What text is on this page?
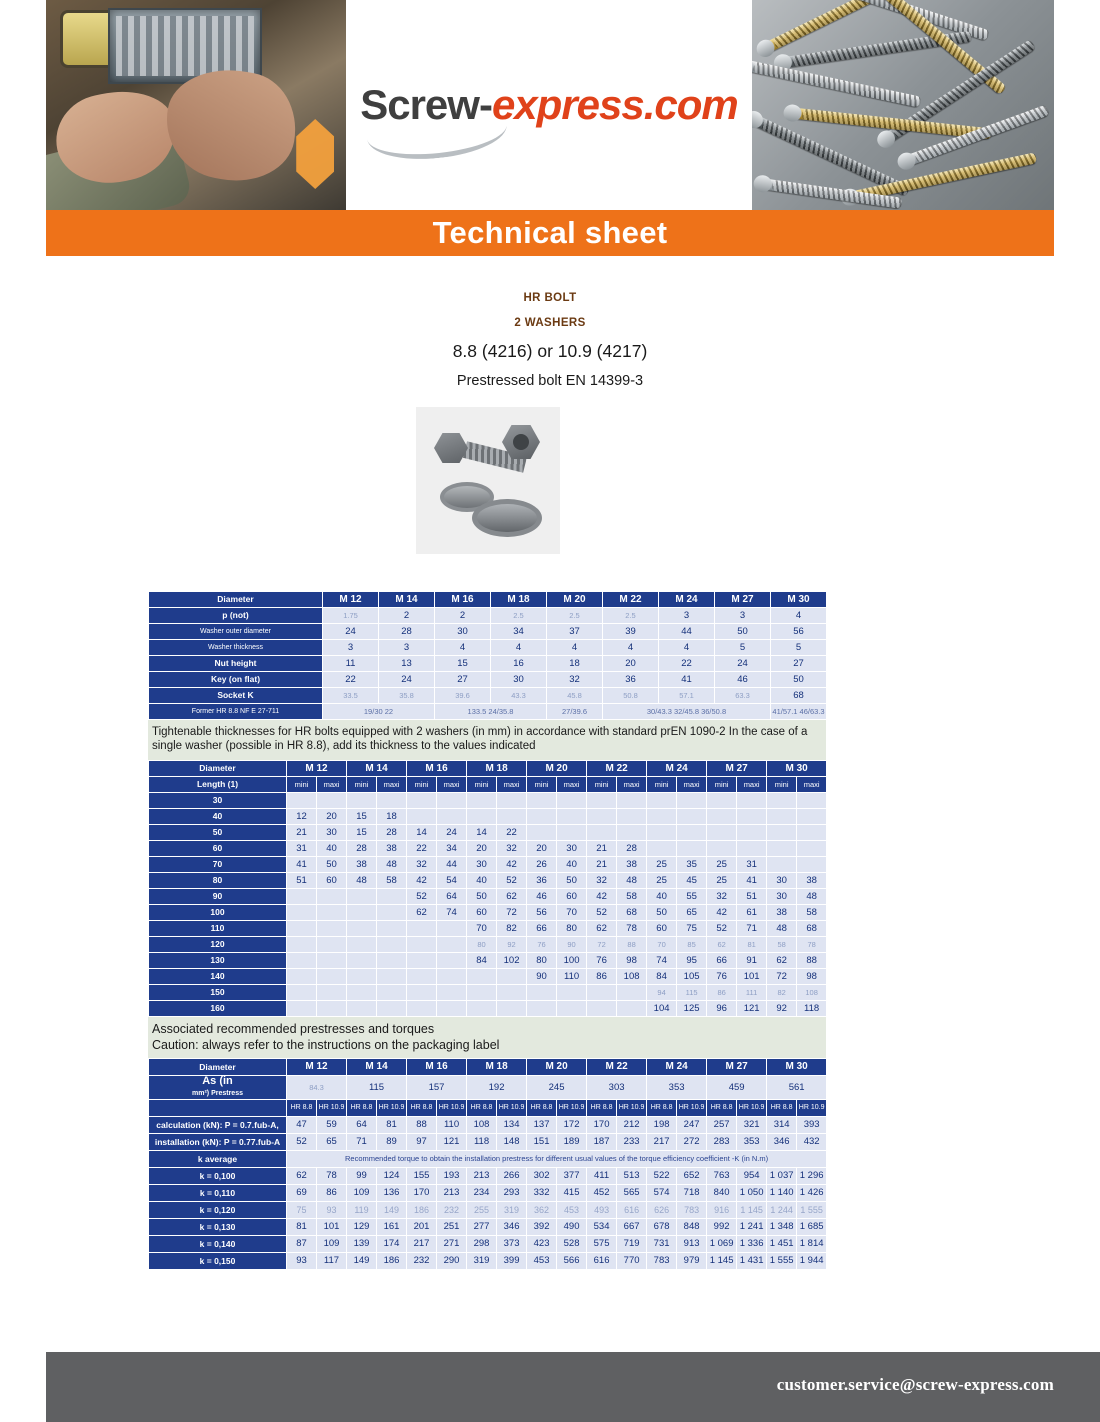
Screw-express.com
Technical sheet
HR BOLT
2 WASHERS
8.8 (4216) or 10.9 (4217)
Prestressed bolt EN 14399-3
Diameter	M 12	M 14	M 16	M 18	M 20	M 22	M 24	M 27	M 30
p (not)	1.75	2	2	2.5	2.5	2.5	3	3	4
Washer outer diameter	24	28	30	34	37	39	44	50	56
Washer thickness	3	3	4	4	4	4	4	5	5
Nut height	11	13	15	16	18	20	22	24	27
Key (on flat)	22	24	27	30	32	36	41	46	50
Socket K	33.5	35.8	39.6	43.3	45.8	50.8	57.1	63.3	68
Former HR 8.8 NF E 27-711	19/30 22		133.5 24/35.8		27/39.6	30/43.3 32/45.8 36/50.8			41/57.1 46/63.3
Tightenable thicknesses for HR bolts equipped with 2 washers (in mm) in accordance with standard prEN 1090-2 In the case of a single washer (possible in HR 8.8), add its thickness to the values indicated
Diameter	M 12		M 14		M 16		M 18		M 20		M 22		M 24		M 27		M 30	
Length (1)	mini	maxi	mini	maxi	mini	maxi	mini	maxi	mini	maxi	mini	maxi	mini	maxi	mini	maxi	mini	maxi
30																		
40	12	20	15	18														
50	21	30	15	28	14	24	14	22										
60	31	40	28	38	22	34	20	32	20	30	21	28						
70	41	50	38	48	32	44	30	42	26	40	21	38	25	35	25	31		
80	51	60	48	58	42	54	40	52	36	50	32	48	25	45	25	41	30	38
90					52	64	50	62	46	60	42	58	40	55	32	51	30	48
100					62	74	60	72	56	70	52	68	50	65	42	61	38	58
110							70	82	66	80	62	78	60	75	52	71	48	68
120							80	92	76	90	72	88	70	85	62	81	58	78
130							84	102	80	100	76	98	74	95	66	91	62	88
140									90	110	86	108	84	105	76	101	72	98
150													94	115	86	111	82	108
160													104	125	96	121	92	118
Associated recommended prestresses and torques
Caution: always refer to the instructions on the packaging label
Diameter	M 12		M 14		M 16		M 18		M 20		M 22		M 24		M 27		M 30	
As (in
mm²) Prestress	84.3		115		157		192		245		303		353		459		561	
	HR 8.8	HR 10.9	HR 8.8	HR 10.9	HR 8.8	HR 10.9	HR 8.8	HR 10.9	HR 8.8	HR 10.9	HR 8.8	HR 10.9	HR 8.8	HR 10.9	HR 8.8	HR 10.9	HR 8.8	HR 10.9
calculation (kN): P = 0.7.fub-A,	47	59	64	81	88	110	108	134	137	172	170	212	198	247	257	321	314	393
installation (kN): P = 0.77.fub-A	52	65	71	89	97	121	118	148	151	189	187	233	217	272	283	353	346	432
k average	Recommended torque to obtain the installation prestress for different usual values of the torque efficiency coefficient -K (in N.m)																	
k = 0,100	62	78	99	124	155	193	213	266	302	377	411	513	522	652	763	954	1 037	1 296
k = 0,110	69	86	109	136	170	213	234	293	332	415	452	565	574	718	840	1 050	1 140	1 426
k = 0,120	75	93	119	149	186	232	255	319	362	453	493	616	626	783	916	1 145	1 244	1 555
k = 0,130	81	101	129	161	201	251	277	346	392	490	534	667	678	848	992	1 241	1 348	1 685
k = 0,140	87	109	139	174	217	271	298	373	423	528	575	719	731	913	1 069	1 336	1 451	1 814
k = 0,150	93	117	149	186	232	290	319	399	453	566	616	770	783	979	1 145	1 431	1 555	1 944
customer.service@screw-express.com
